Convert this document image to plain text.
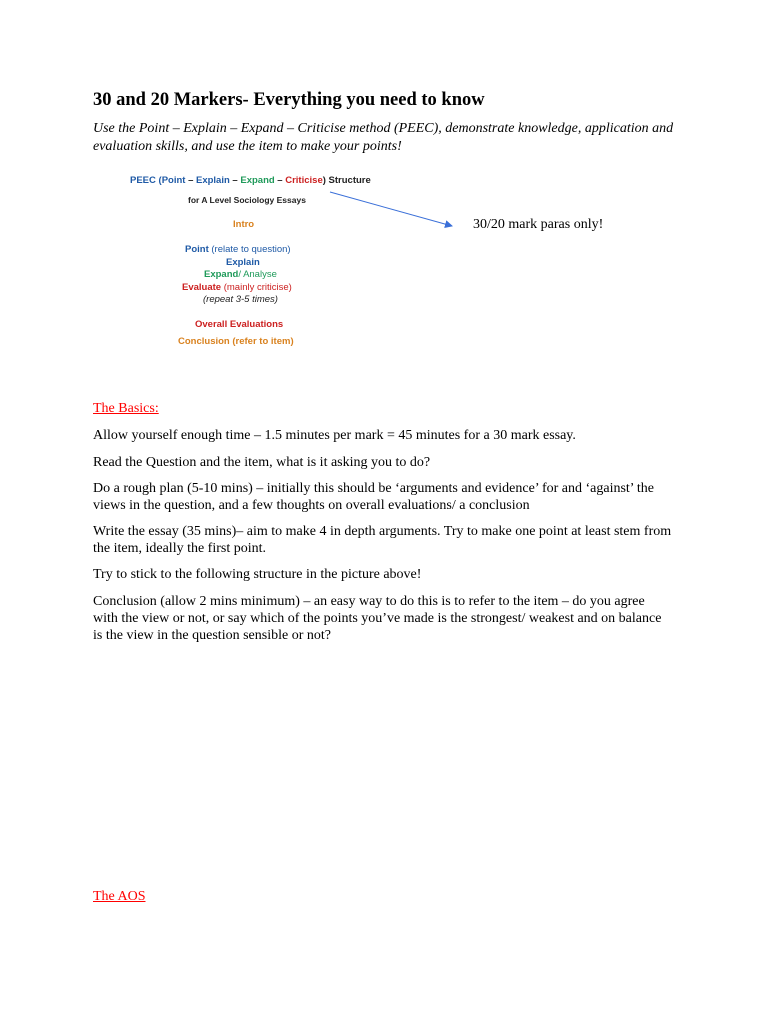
30 and 20 Markers- Everything you need to know

Use the Point – Explain – Expand – Criticise method (PEEC), demonstrate knowledge, application and evaluation skills, and use the item to make your points!

PEEC (Point – Explain – Expand – Criticise) Structure
for A Level Sociology Essays
Intro
Point (relate to question)
Explain
Expand/ Analyse
Evaluate (mainly criticise)
(repeat 3-5 times)
Overall Evaluations
Conclusion (refer to item)

30/20 mark paras only!

The Basics:

Allow yourself enough time – 1.5 minutes per mark = 45 minutes for a 30 mark essay.

Read the Question and the item, what is it asking you to do?

Do a rough plan (5-10 mins) – initially this should be ‘arguments and evidence’ for and ‘against’ the views in the question, and a few thoughts on overall evaluations/ a conclusion

Write the essay (35 mins)– aim to make 4 in depth arguments. Try to make one point at least stem from the item, ideally the first point.

Try to stick to the following structure in the picture above!

Conclusion (allow 2 mins minimum) – an easy way to do this is to refer to the item – do you agree with the view or not, or say which of the points you’ve made is the strongest/ weakest and on balance is the view in the question sensible or not?

The AOS
